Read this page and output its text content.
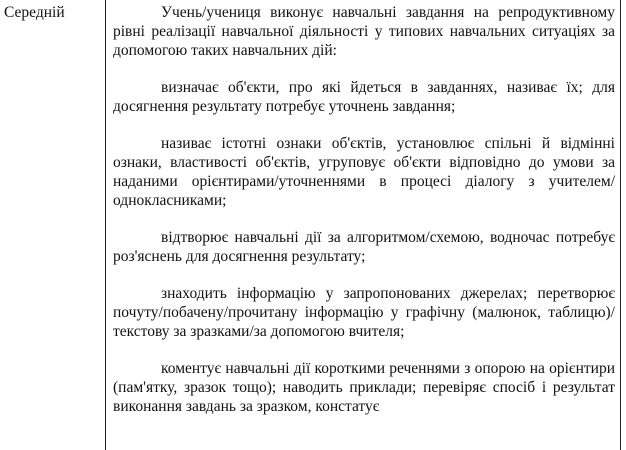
Середній	Учень/учениця виконує навчальні завдання на репродуктивному рівні реалізації навчальної діяльності у типових навчальних ситуаціях за допомогою таких навчальних дій:

визначає об'єкти, про які йдеться в завданнях, називає їх; для досягнення результату потребує уточнень завдання;

називає істотні ознаки об'єктів, установлює спільні й відмінні ознаки, властивості об'єктів, угруповує об'єкти відповідно до умови за наданими орієнтирами/уточненнями в процесі діалогу з учителем/однокласниками;

відтворює навчальні дії за алгоритмом/схемою, водночас потребує роз'яснень для досягнення результату;

знаходить інформацію у запропонованих джерелах; перетворює почуту/побачену/прочитану інформацію у графічну (малюнок, таблицю)/текстову за зразками/за допомогою вчителя;

коментує навчальні дії короткими реченнями з опорою на орієнтири (пам'ятку, зразок тощо); наводить приклади; перевіряє спосіб і результат виконання завдань за зразком, констатує
